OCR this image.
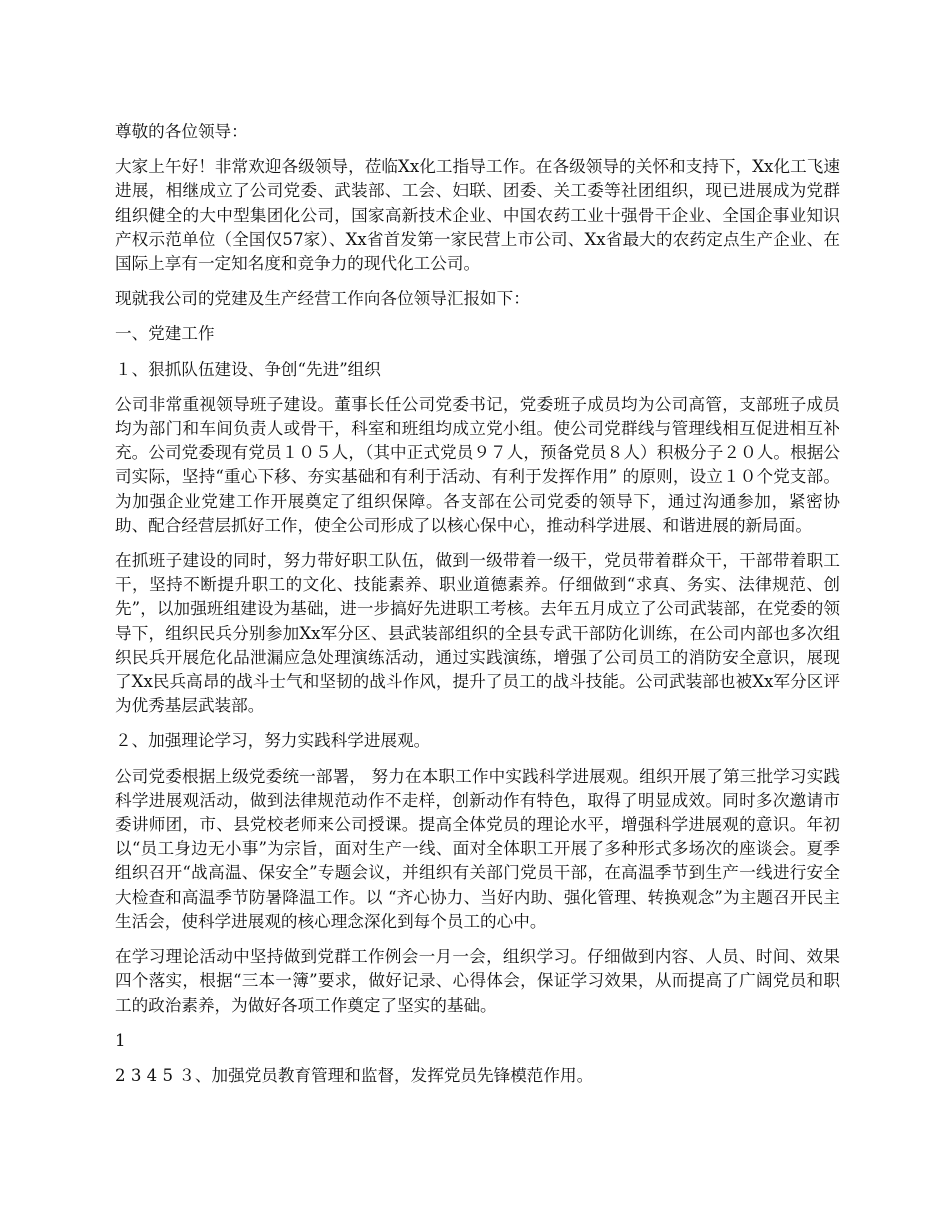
尊敬的各位领导：

大家上午好！非常欢迎各级领导，莅临Xx化工指导工作。在各级领导的关怀和支持下，Xx化工飞速进展，相继成立了公司党委、武装部、工会、妇联、团委、关工委等社团组织，现已进展成为党群组织健全的大中型集团化公司，国家高新技术企业、中国农药工业十强骨干企业、全国企事业知识产权示范单位（全国仅57家）、Xx省首发第一家民营上市公司、Xx省最大的农药定点生产企业、在国际上享有一定知名度和竞争力的现代化工公司。

现就我公司的党建及生产经营工作向各位领导汇报如下：

一、党建工作

１、狠抓队伍建设、争创“先进”组织

公司非常重视领导班子建设。董事长任公司党委书记，党委班子成员均为公司高管，支部班子成员均为部门和车间负责人或骨干，科室和班组均成立党小组。使公司党群线与管理线相互促进相互补充。公司党委现有党员１０５人，（其中正式党员９７人，预备党员８人）积极分子２０人。根据公司实际，坚持“重心下移、夯实基础和有利于活动、有利于发挥作用” 的原则，设立１０个党支部。为加强企业党建工作开展奠定了组织保障。各支部在公司党委的领导下，通过沟通参加，紧密协助、配合经营层抓好工作，使全公司形成了以核心保中心，推动科学进展、和谐进展的新局面。

在抓班子建设的同时，努力带好职工队伍，做到一级带着一级干，党员带着群众干，干部带着职工干，坚持不断提升职工的文化、技能素养、职业道德素养。仔细做到“求真、务实、法律规范、创先”，以加强班组建设为基础，进一步搞好先进职工考核。去年五月成立了公司武装部，在党委的领导下，组织民兵分别参加Xx军分区、县武装部组织的全县专武干部防化训练，在公司内部也多次组织民兵开展危化品泄漏应急处理演练活动，通过实践演练，增强了公司员工的消防安全意识，展现了Xx民兵高昂的战斗士气和坚韧的战斗作风，提升了员工的战斗技能。公司武装部也被Xx军分区评为优秀基层武装部。

２、加强理论学习，努力实践科学进展观。

公司党委根据上级党委统一部署， 努力在本职工作中实践科学进展观。组织开展了第三批学习实践科学进展观活动，做到法律规范动作不走样，创新动作有特色，取得了明显成效。同时多次邀请市委讲师团，市、县党校老师来公司授课。提高全体党员的理论水平，增强科学进展观的意识。年初以“员工身边无小事”为宗旨，面对生产一线、面对全体职工开展了多种形式多场次的座谈会。夏季组织召开“战高温、保安全”专题会议，并组织有关部门党员干部，在高温季节到生产一线进行安全大检查和高温季节防暑降温工作。以 “齐心协力、当好内助、强化管理、转换观念”为主题召开民主生活会，使科学进展观的核心理念深化到每个员工的心中。

在学习理论活动中坚持做到党群工作例会一月一会，组织学习。仔细做到内容、人员、时间、效果四个落实，根据“三本一簿”要求，做好记录、心得体会，保证学习效果，从而提高了广阔党员和职工的政治素养，为做好各项工作奠定了坚实的基础。

1

2 3 4 5 ３、加强党员教育管理和监督，发挥党员先锋模范作用。
